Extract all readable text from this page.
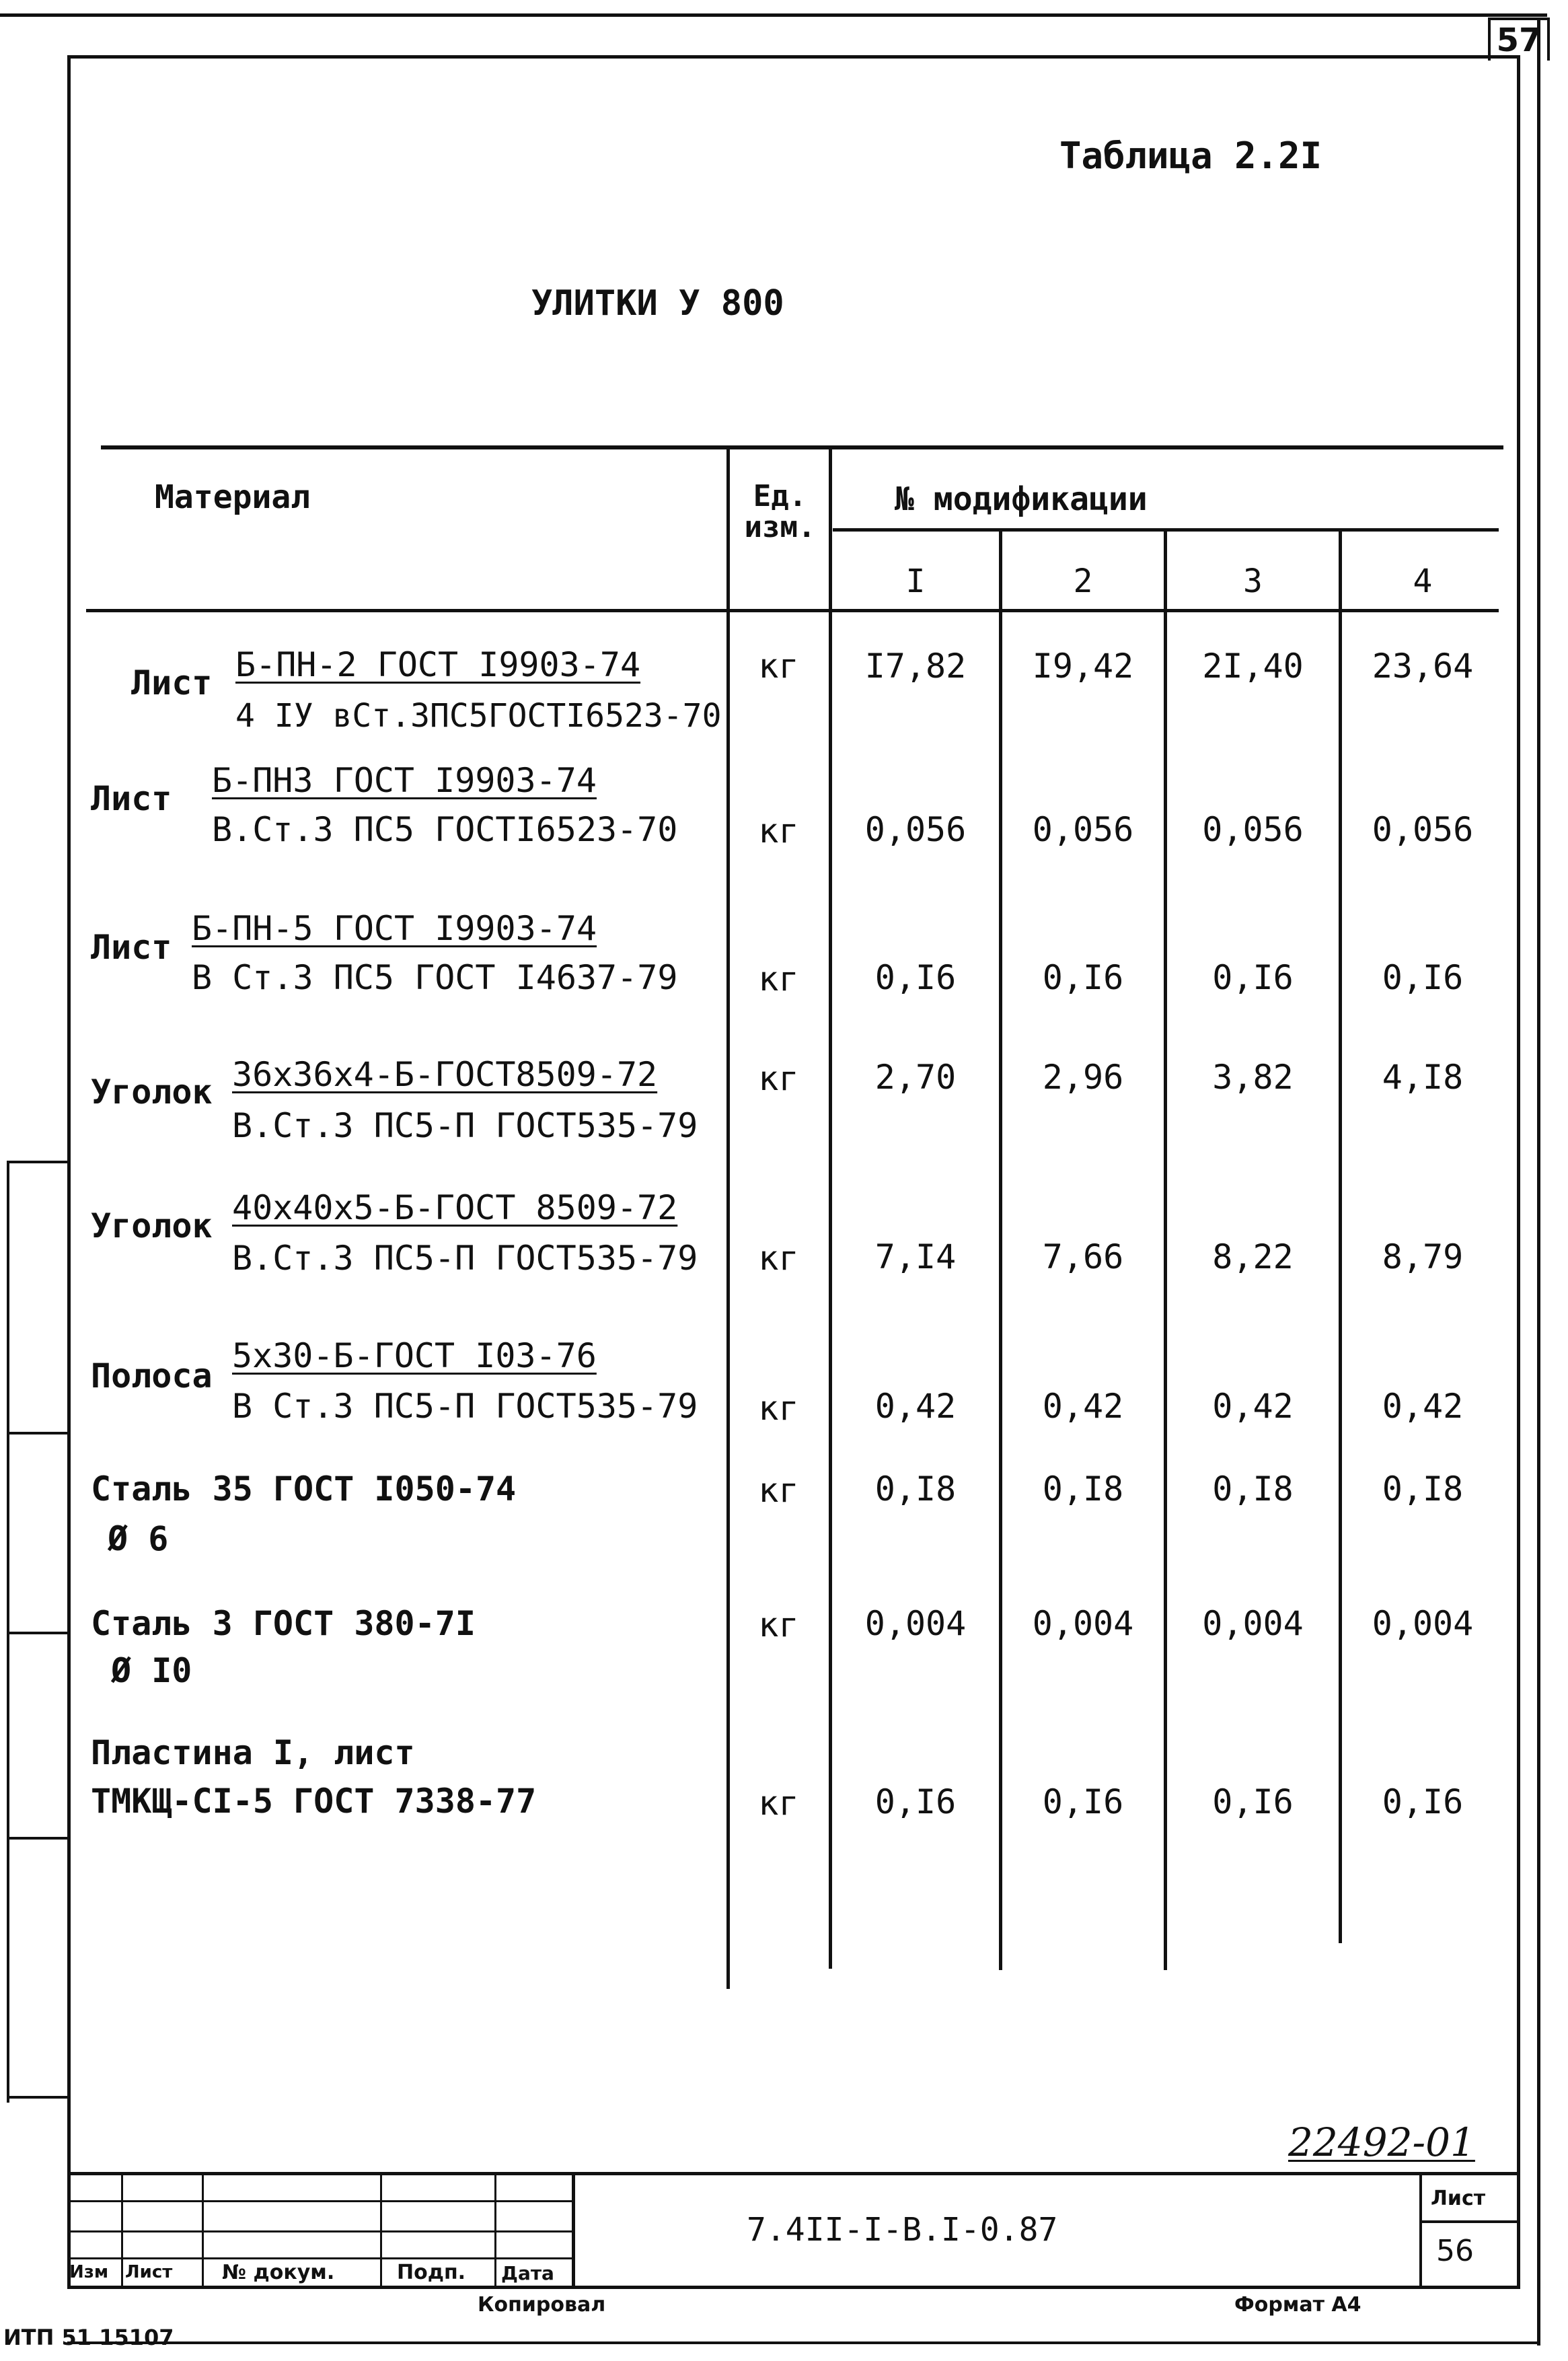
57
Таблица 2.2I
УЛИТКИ У 800
Материал	Ед. изм.
№ модификации
I	2	3	4
Лист Б-ПН-2 ГОСТ I9903-74
4 IУ вСт.3ПС5ГОСТI6523-70
кг	I7,82	I9,42	2I,40	23,64
Лист Б-ПН3 ГОСТ I9903-74
В.Ст.3 ПС5 ГОСТI6523-70	кг	0,056	0,056	0,056	0,056
Лист Б-ПН-5 ГОСТ I9903-74
В Ст.3 ПС5 ГОСТ I4637-79	кг	0,I6	0,I6	0,I6	0,I6
Уголок 36х36х4-Б-ГОСТ8509-72
В.Ст.3 ПС5-П ГОСТ535-79
кг	2,70	2,96	3,82	4,I8
Уголок 40х40х5-Б-ГОСТ 8509-72
В.Ст.3 ПС5-П ГОСТ535-79	кг	7,I4	7,66	8,22	8,79
Полоса
5х30-Б-ГОСТ I03-76
В Ст.3 ПС5-П ГОСТ535-79	кг	0,42	0,42	0,42	0,42
Сталь 35 ГОСТ I050-74
Ø 6
кг	0,I8	0,I8	0,I8	0,I8
Сталь 3 ГОСТ 380-7I
Ø I0
кг	0,004	0,004	0,004	0,004
Пластина I, лист
ТМКЩ-СI-5 ГОСТ 7338-77	кг	0,I6	0,I6	0,I6	0,I6
22492-01
Изм Лист № докум.	Подп. Дата
7.4II-I-В.I-0.87
Лист
56
Копировал	Формат А4
ИТП 51 15107
